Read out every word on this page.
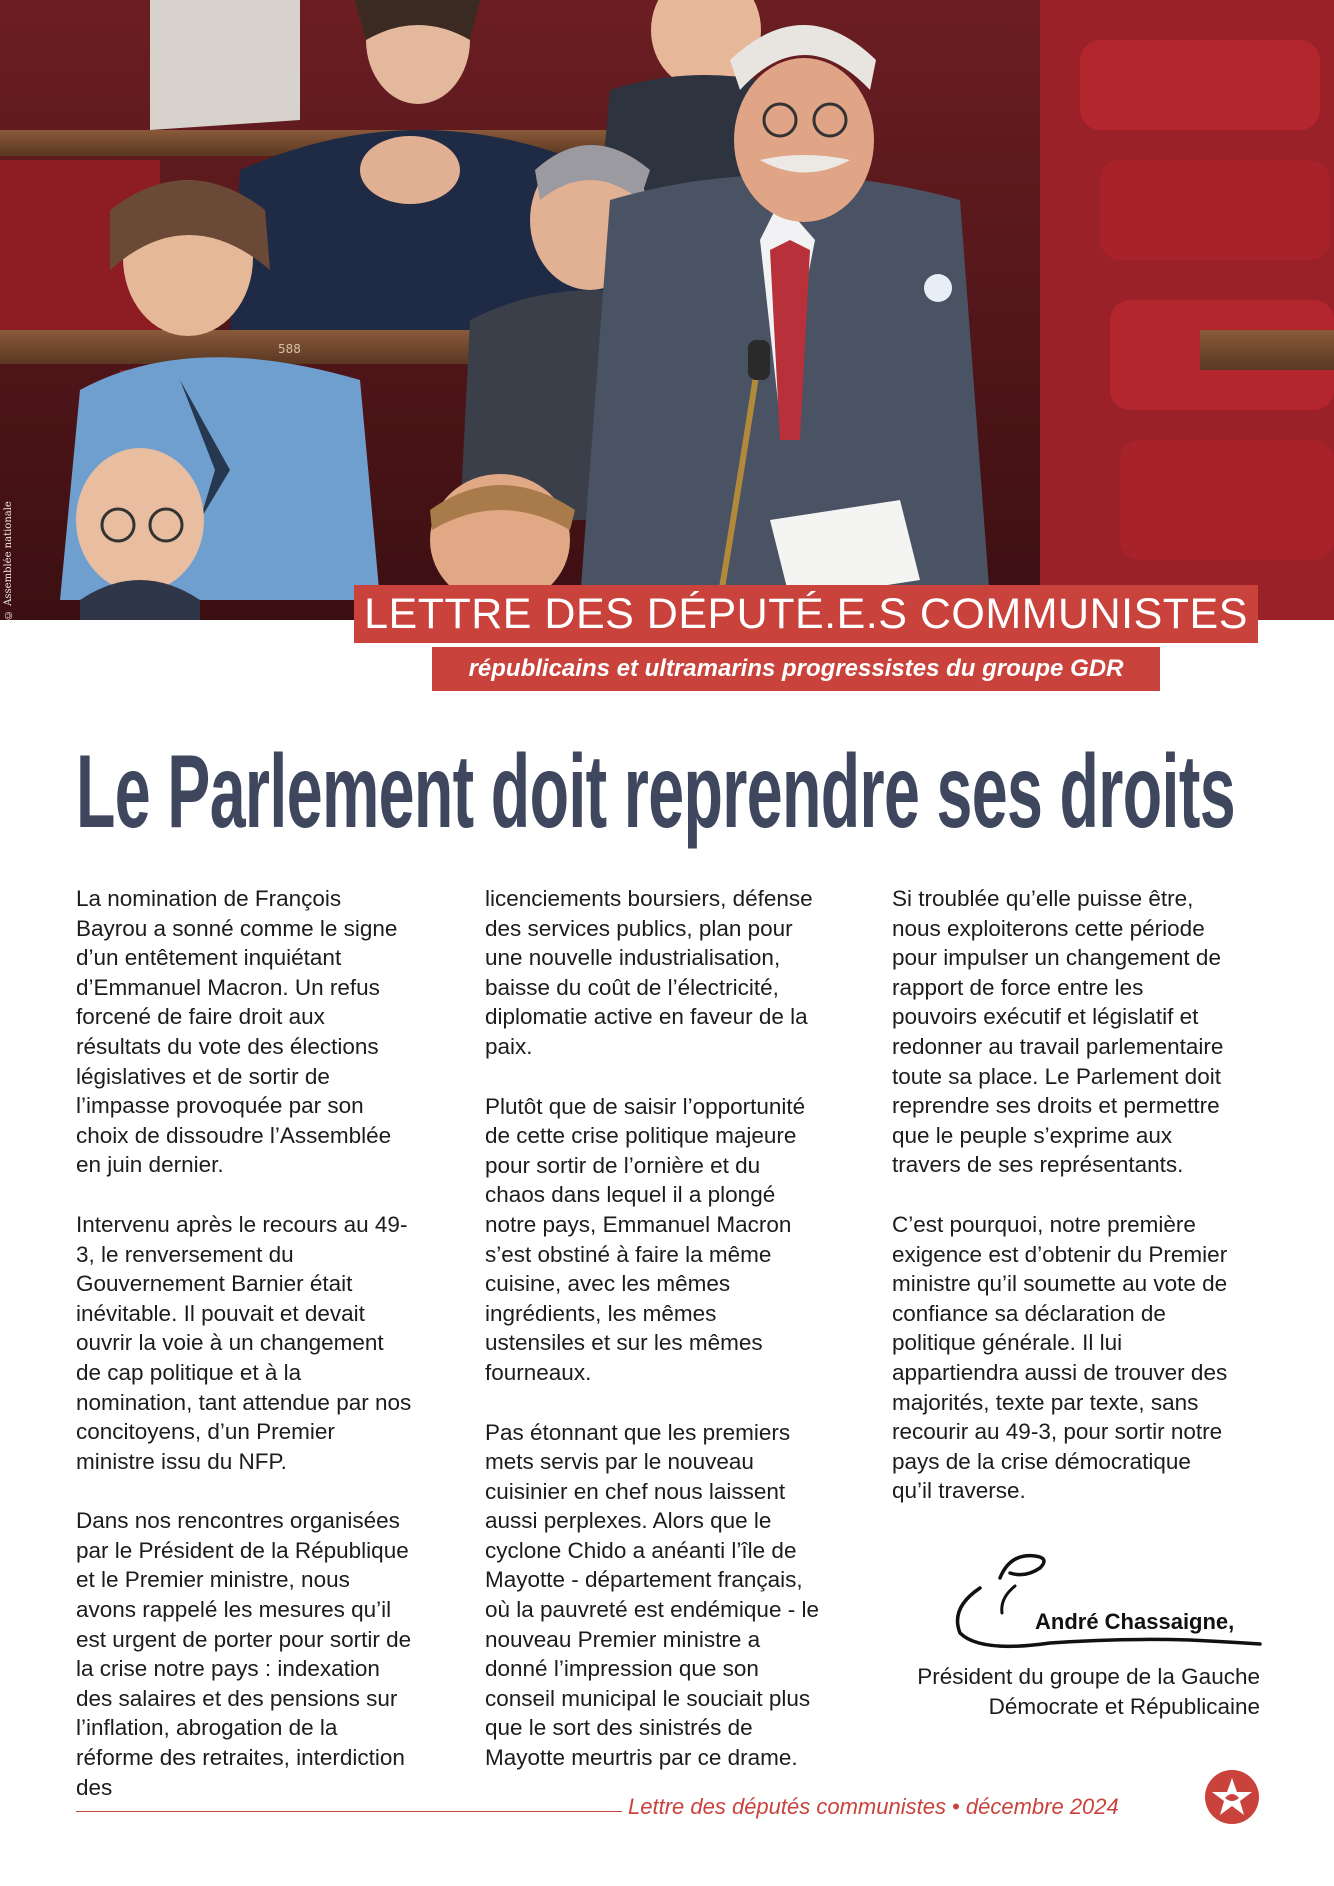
588
© Assemblée nationale	LETTRE DES DÉPUTÉ.E.S COMMUNISTES
républicains et ultramarins progressistes du groupe GDR
Le Parlement doit reprendre ses droits

La nomination de François Bayrou a sonné comme le signe d’un entêtement inquiétant d’Emmanuel Macron. Un refus forcené de faire droit aux résultats du vote des élections législatives et de sortir de l’impasse provoquée par son choix de dissoudre l’Assemblée en juin dernier.

Intervenu après le recours au 49-3, le renversement du Gouvernement Barnier était inévitable. Il pouvait et devait ouvrir la voie à un changement de cap politique et à la nomination, tant attendue par nos concitoyens, d’un Premier ministre issu du NFP.

Dans nos rencontres organisées par le Président de la République et le Premier ministre, nous avons rappelé les mesures qu’il est urgent de porter pour sortir de la crise notre pays : indexation des salaires et des pensions sur l’inflation, abrogation de la réforme des retraites, interdiction des

licenciements boursiers, défense des services publics, plan pour une nouvelle industrialisation, baisse du coût de l’électricité, diplomatie active en faveur de la paix.

Plutôt que de saisir l’opportunité de cette crise politique majeure pour sortir de l’ornière et du chaos dans lequel il a plongé notre pays, Emmanuel Macron s’est obstiné à faire la même cuisine, avec les mêmes ingrédients, les mêmes ustensiles et sur les mêmes fourneaux.

Pas étonnant que les premiers mets servis par le nouveau cuisinier en chef nous laissent aussi perplexes. Alors que le cyclone Chido a anéanti l’île de Mayotte - département français, où la pauvreté est endémique - le nouveau Premier ministre a donné l’impression que son conseil municipal le souciait plus que le sort des sinistrés de Mayotte meurtris par ce drame.

Si troublée qu’elle puisse être, nous exploiterons cette période pour impulser un changement de rapport de force entre les pouvoirs exécutif et législatif et redonner au travail parlementaire toute sa place. Le Parlement doit reprendre ses droits et permettre que le peuple s’exprime aux travers de ses représentants.

C’est pourquoi, notre première exigence est d’obtenir du Premier ministre qu’il soumette au vote de confiance sa déclaration de politique générale. Il lui appartiendra aussi de trouver des majorités, texte par texte, sans recourir au 49-3, pour sortir notre pays de la crise démocratique qu’il traverse.

André Chassaigne,
Président du groupe de la Gauche
Démocrate et Républicaine
Lettre des députés communistes • décembre 2024
